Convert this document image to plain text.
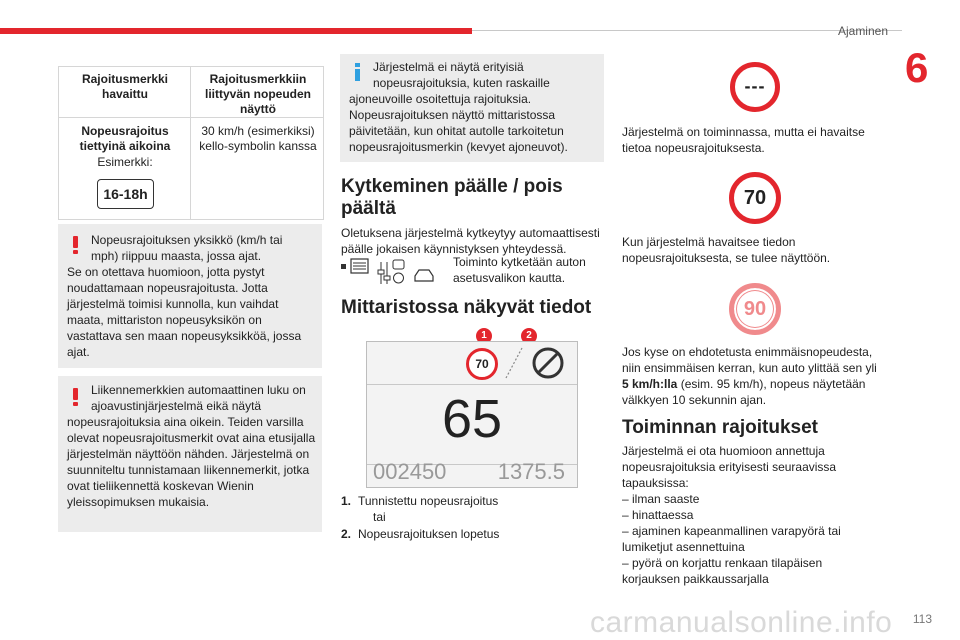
Ajaminen
6
Rajoitusmerkki havaittu
Rajoitusmerkkiin liittyvän nopeuden näyttö
Nopeusrajoitus tiettyinä aikoina
Esimerkki:
16-18h
30 km/h (esimerkiksi) kello-symbolin kanssa
Nopeusrajoituksen yksikkö (km/h tai mph) riippuu maasta, jossa ajat.
Se on otettava huomioon, jotta pystyt noudattamaan nopeusrajoitusta. Jotta järjestelmä toimisi kunnolla, kun vaihdat maata, mittariston nopeusyksikön on vastattava sen maan nopeusyksikköä, jossa ajat.
Liikennemerkkien automaattinen luku on ajoavustinjärjestelmä eikä näytä
nopeusrajoituksia aina oikein. Teiden varsilla olevat nopeusrajoitusmerkit ovat aina etusijalla järjestelmän näyttöön nähden. Järjestelmä on suunniteltu tunnistamaan liikennemerkit, jotka ovat tieliikennettä koskevan Wienin yleissopimuksen mukaisia.
Järjestelmä ei näytä erityisiä nopeusrajoituksia, kuten raskaille
ajoneuvoille osoitettuja rajoituksia. Nopeusrajoituksen näyttö mittaristossa päivitetään, kun ohitat autolle tarkoitetun nopeusrajoitusmerkin (kevyet ajoneuvot).
Kytkeminen päälle / pois päältä
Oletuksena järjestelmä kytkeytyy automaattisesti päälle jokaisen käynnistyksen yhteydessä.
Toiminto kytketään auton asetusvalikon kautta.
Mittaristossa näkyvät tiedot
1	2
70
65
002450 1375.5
1. Tunnistettu nopeusrajoitus
tai
2. Nopeusrajoituksen lopetus
---
Järjestelmä on toiminnassa, mutta ei havaitse tietoa nopeusrajoituksesta.
70
Kun järjestelmä havaitsee tiedon nopeusrajoituksesta, se tulee näyttöön.
90
Jos kyse on ehdotetusta enimmäisnopeudesta, niin ensimmäisen kerran, kun auto ylittää sen yli 5 km/h:lla (esim. 95 km/h), nopeus näytetään välkkyen 10 sekunnin ajan.
Toiminnan rajoitukset
Järjestelmä ei ota huomioon annettuja nopeusrajoituksia erityisesti seuraavissa tapauksissa:
– ilman saaste
– hinattaessa
– ajaminen kapeanmallinen varapyörä tai lumiketjut asennettuina
– pyörä on korjattu renkaan tilapäisen korjauksen paikkaussarjalla
carmanualsonline.info 113
